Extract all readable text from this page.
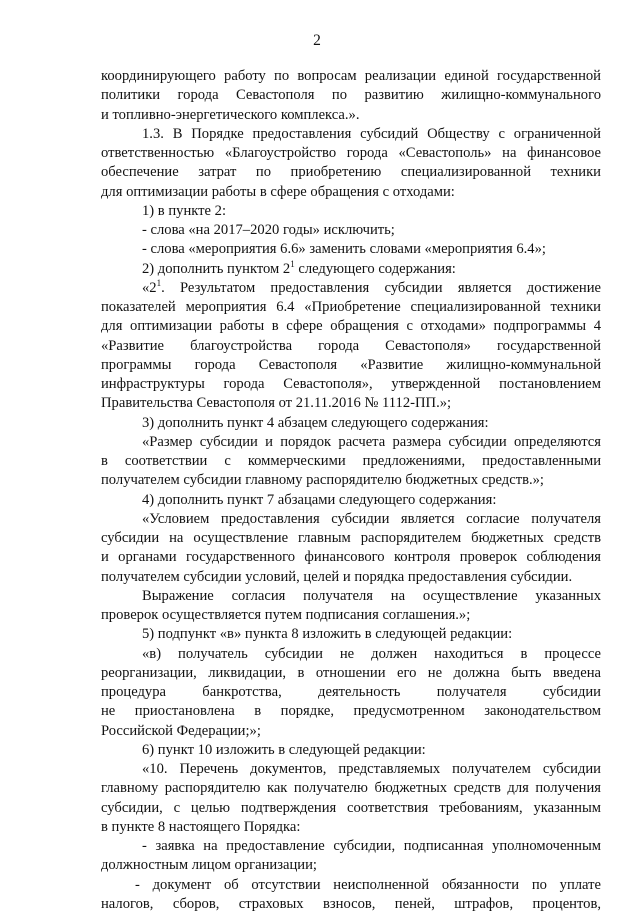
2

координирующего работу по вопросам реализации единой государственной

политики города Севастополя по развитию жилищно-коммунального

и топливно-энергетического комплекса.».

1.3. В Порядке предоставления субсидий Обществу с ограниченной

ответственностью «Благоустройство города «Севастополь» на финансовое

обеспечение затрат по приобретению специализированной техники

для оптимизации работы в сфере обращения с отходами:

1) в пункте 2:

- слова «на 2017–2020 годы» исключить;

- слова «мероприятия 6.6» заменить словами «мероприятия 6.4»;

2) дополнить пунктом $2^1$ следующего содержания:

«$2^1$. Результатом предоставления субсидии является достижение

показателей мероприятия 6.4 «Приобретение специализированной техники

для оптимизации работы в сфере обращения с отходами» подпрограммы 4

«Развитие благоустройства города Севастополя» государственной

программы города Севастополя «Развитие жилищно-коммунальной

инфраструктуры города Севастополя», утвержденной постановлением

Правительства Севастополя от 21.11.2016 № 1112-ПП.»;

3) дополнить пункт 4 абзацем следующего содержания:

«Размер субсидии и порядок расчета размера субсидии определяются

в соответствии с коммерческими предложениями, предоставленными

получателем субсидии главному распорядителю бюджетных средств.»;

4) дополнить пункт 7 абзацами следующего содержания:

«Условием предоставления субсидии является согласие получателя

субсидии на осуществление главным распорядителем бюджетных средств

и органами государственного финансового контроля проверок соблюдения

получателем субсидии условий, целей и порядка предоставления субсидии.

Выражение согласия получателя на осуществление указанных

проверок осуществляется путем подписания соглашения.»;

5) подпункт «в» пункта 8 изложить в следующей редакции:

«в) получатель субсидии не должен находиться в процессе

реорганизации, ликвидации, в отношении его не должна быть введена

процедура банкротства, деятельность получателя субсидии

не приостановлена в порядке, предусмотренном законодательством

Российской Федерации;»;

6) пункт 10 изложить в следующей редакции:

«10. Перечень документов, представляемых получателем субсидии

главному распорядителю как получателю бюджетных средств для получения

субсидии, с целью подтверждения соответствия требованиям, указанным

в пункте 8 настоящего Порядка:

- заявка на предоставление субсидии, подписанная уполномоченным

должностным лицом организации;

- документ об отсутствии неисполненной обязанности по уплате

налогов, сборов, страховых взносов, пеней, штрафов, процентов,
